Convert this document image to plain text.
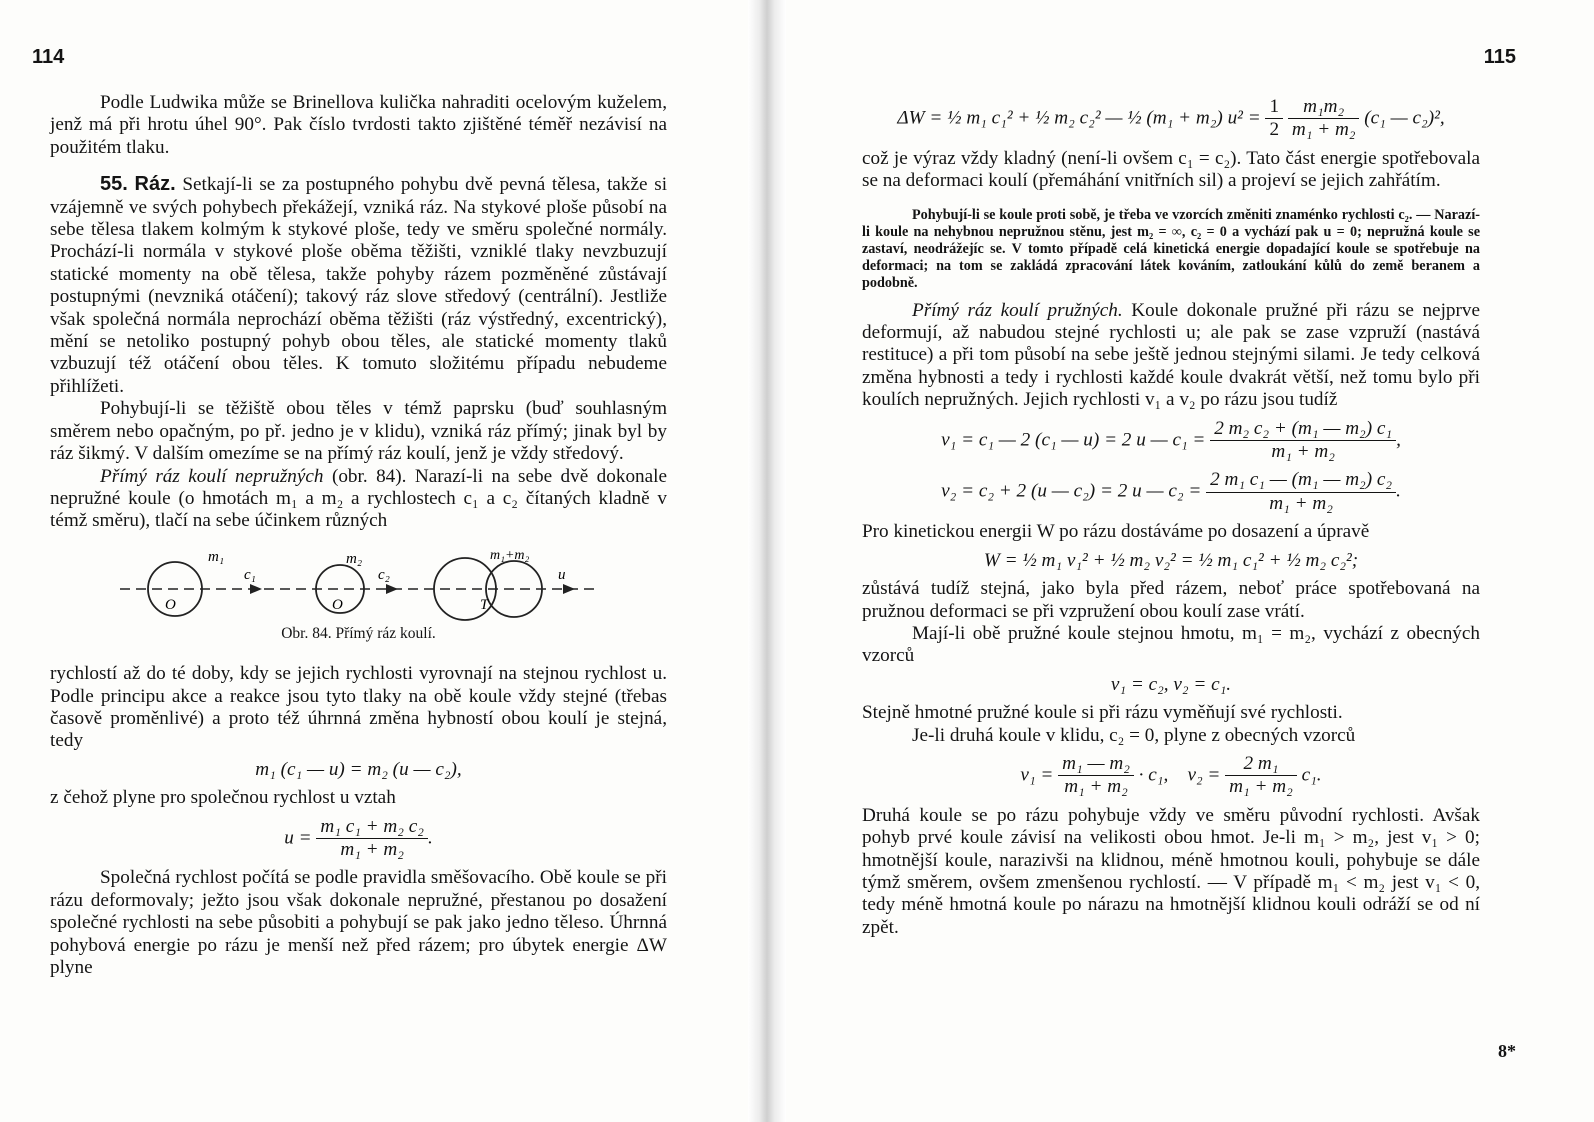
114

Podle Ludwika může se Brinellova kulička nahraditi ocelovým kuželem, jenž má při hrotu úhel 90°. Pak číslo tvrdosti takto zjištěné téměř nezávisí na použitém tlaku.

55. Ráz. Setkají-li se za postupného pohybu dvě pevná tělesa, takže si vzájemně ve svých pohybech překážejí, vzniká ráz. Na stykové ploše působí na sebe tělesa tlakem kolmým k stykové ploše, tedy ve směru společné normály. Prochází-li normála v stykové ploše oběma těžišti, vzniklé tlaky nevzbuzují statické momenty na obě tělesa, takže pohyby rázem pozměněné zůstávají postupnými (nevzniká otáčení); takový ráz slove středový (centrální). Jestliže však společná normála neprochází oběma těžišti (ráz výstředný, excentrický), mění se netoliko postupný pohyb obou těles, ale statické momenty tlaků vzbuzují též otáčení obou těles. K tomuto složitému případu nebudeme přihlížeti.

Pohybují-li se těžiště obou těles v témž paprsku (buď souhlasným směrem nebo opačným, po př. jedno je v klidu), vzniká ráz přímý; jinak byl by ráz šikmý. V dalším omezíme se na přímý ráz koulí, jenž je vždy středový.

Přímý ráz koulí nepružných (obr. 84). Narazí-li na sebe dvě dokonale nepružné koule (o hmotách m₁ a m₂ a rychlostech c₁ a c₂ čítaných kladně v témž směru), tlačí na sebe účinkem různých

m₁
O
c₁
m₂
O
c₂
m₁+m₂
T
u
Obr. 84. Přímý ráz koulí.

rychlostí až do té doby, kdy se jejich rychlosti vyrovnají na stejnou rychlost u. Podle principu akce a reakce jsou tyto tlaky na obě koule vždy stejné (třebas časově proměnlivé) a proto též úhrnná změna hybností obou koulí je stejná, tedy

m₁ (c₁ — u) = m₂ (u — c₂),

z čehož plyne pro společnou rychlost u vztah

$u = \frac{\text{m₁ c₁ + m₂ c₂}}{\text{m₁ + m₂}}$ .

Společná rychlost počítá se podle pravidla směšovacího. Obě koule se při rázu deformovaly; ježto jsou však dokonale nepružné, přestanou po dosažení společné rychlosti na sebe působiti a pohybují se pak jako jedno těleso. Úhrnná pohybová energie po rázu je menší než před rázem; pro úbytek energie ΔW plyne

115
ΔW = ½ m₁ c₁² + ½ m₂ c₂² — ½ (m₁ + m₂) $u^2 = \frac{1}{2}$
$\frac{\text{m₁m₂}}{\text{m₁ + m₂}} (c_1$ — c₂)²,

což je výraz vždy kladný (není-li ovšem c₁ = c₂). Tato část energie spotřebovala se na deformaci koulí (přemáhání vnitřních sil) a projeví se jejich zahřátím.

Pohybují-li se koule proti sobě, je třeba ve vzorcích změniti znaménko rychlosti c₂. — Narazí-li koule na nehybnou nepružnou stěnu, jest m₂ = ∞, c₂ = 0 a vychází pak u = 0; nepružná koule se zastaví, neodrážejíc se. V tomto případě celá kinetická energie dopadající koule se spotřebuje na deformaci; na tom se zakládá zpracování látek kováním, zatloukání kůlů do země beranem a podobně.

Přímý ráz koulí pružných. Koule dokonale pružné při rázu se nejprve deformují, až nabudou stejné rychlosti u; ale pak se zase vzpruží (nastává restituce) a při tom působí na sebe ještě jednou stejnými silami. Je tedy celková změna hybnosti a tedy i rychlosti každé koule dvakrát větší, než tomu bylo při koulích nepružných. Jejich rychlosti v₁ a v₂ po rázu jsou tudíž

v₁ = c₁ — 2 (c₁ — u) = 2 u — $c_1 = \frac{\text{2 m₂ c₂ + (m₁ — m₂) c₁}}{\text{m₁ + m₂}}$ ,
v₂ = c₂ + 2 (u — c₂) = 2 u — $c_2 = \frac{\text{2 m₁ c₁ — (m₁ — m₂) c₂}}{\text{m₁ + m₂}}$ .

Pro kinetickou energii W po rázu dostáváme po dosazení a úpravě

W = ½ m₁ v₁² + ½ m₂ v₂² = ½ m₁ c₁² + ½ m₂ c₂²;

zůstává tudíž stejná, jako byla před rázem, neboť práce spotřebovaná na pružnou deformaci se při vzpružení obou koulí zase vrátí.

Mají-li obě pružné koule stejnou hmotu, m₁ = m₂, vychází z obecných vzorců

v₁ = c₂, v₂ = c₁.

Stejně hmotné pružné koule si při rázu vyměňují své rychlosti.

Je-li druhá koule v klidu, c₂ = 0, plyne z obecných vzorců

$v_1 = \frac{\text{m₁ — m₂}}{\text{m₁ + m₂}} \cdot c_1$, $v_2 = \frac{\text{2 m₁}}{\text{m₁ + m₂}} c_1$.

Druhá koule se po rázu pohybuje vždy ve směru původní rychlosti. Avšak pohyb prvé koule závisí na velikosti obou hmot. Je-li m₁ > m₂, jest v₁ > 0; hmotnější koule, narazivši na klidnou, méně hmotnou kouli, pohybuje se dále týmž směrem, ovšem zmenšenou rychlostí. — V případě m₁ < m₂ jest v₁ < 0, tedy méně hmotná koule po nárazu na hmotnější klidnou kouli odráží se od ní zpět.

8*
